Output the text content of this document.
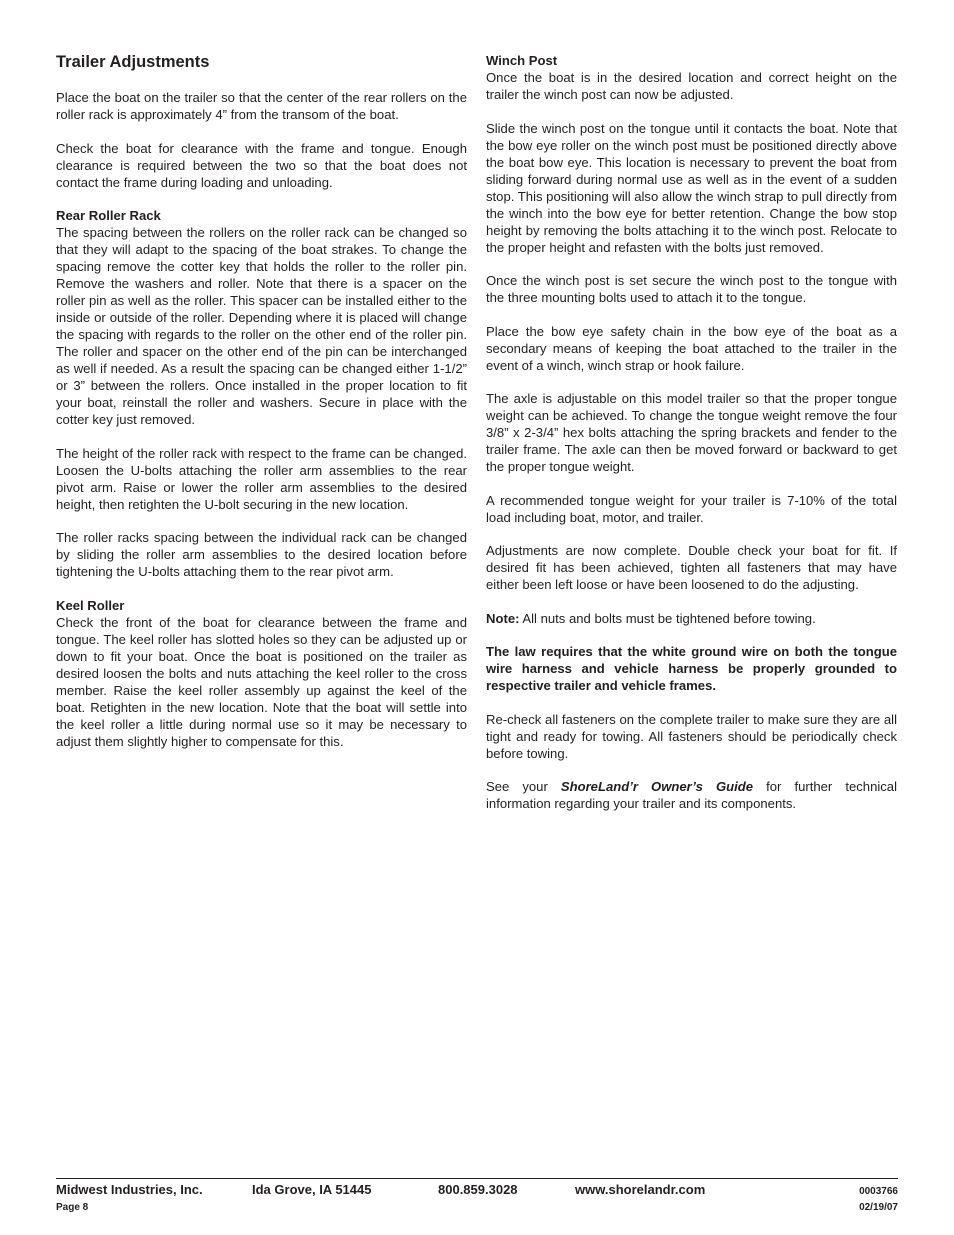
Trailer Adjustments

Place the boat on the trailer so that the center of the rear rollers on the roller rack is approximately 4” from the transom of the boat.

Check the boat for clearance with the frame and tongue. Enough clearance is required between the two so that the boat does not contact the frame during loading and unloading.

Rear Roller Rack

The spacing between the rollers on the roller rack can be changed so that they will adapt to the spacing of the boat strakes. To change the spacing remove the cotter key that holds the roller to the roller pin. Remove the washers and roller. Note that there is a spacer on the roller pin as well as the roller. This spacer can be installed either to the inside or outside of the roller. Depending where it is placed will change the spacing with regards to the roller on the other end of the roller pin. The roller and spacer on the other end of the pin can be interchanged as well if needed. As a result the spacing can be changed either 1-1/2” or 3” between the rollers. Once installed in the proper location to fit your boat, reinstall the roller and washers. Secure in place with the cotter key just removed.

The height of the roller rack with respect to the frame can be changed. Loosen the U-bolts attaching the roller arm assemblies to the rear pivot arm. Raise or lower the roller arm assemblies to the desired height, then retighten the U-bolt securing in the new location.

The roller racks spacing between the individual rack can be changed by sliding the roller arm assemblies to the desired location before tightening the U-bolts attaching them to the rear pivot arm.

Keel Roller

Check the front of the boat for clearance between the frame and tongue. The keel roller has slotted holes so they can be adjusted up or down to fit your boat. Once the boat is positioned on the trailer as desired loosen the bolts and nuts attaching the keel roller to the cross member. Raise the keel roller assembly up against the keel of the boat. Retighten in the new location. Note that the boat will settle into the keel roller a little during normal use so it may be necessary to adjust them slightly higher to compensate for this.

Winch Post

Once the boat is in the desired location and correct height on the trailer the winch post can now be adjusted.

Slide the winch post on the tongue until it contacts the boat. Note that the bow eye roller on the winch post must be positioned directly above the boat bow eye. This location is necessary to prevent the boat from sliding forward during normal use as well as in the event of a sudden stop. This positioning will also allow the winch strap to pull directly from the winch into the bow eye for better retention. Change the bow stop height by removing the bolts attaching it to the winch post. Relocate to the proper height and refasten with the bolts just removed.

Once the winch post is set secure the winch post to the tongue with the three mounting bolts used to attach it to the tongue.

Place the bow eye safety chain in the bow eye of the boat as a secondary means of keeping the boat attached to the trailer in the event of a winch, winch strap or hook failure.

The axle is adjustable on this model trailer so that the proper tongue weight can be achieved. To change the tongue weight remove the four 3/8” x 2-3/4” hex bolts attaching the spring brackets and fender to the trailer frame. The axle can then be moved forward or backward to get the proper tongue weight.

A recommended tongue weight for your trailer is 7-10% of the total load including boat, motor, and trailer.

Adjustments are now complete. Double check your boat for fit. If desired fit has been achieved, tighten all fasteners that may have either been left loose or have been loosened to do the adjusting.

Note: All nuts and bolts must be tightened before towing.

The law requires that the white ground wire on both the tongue wire harness and vehicle harness be properly grounded to respective trailer and vehicle frames.

Re-check all fasteners on the complete trailer to make sure they are all tight and ready for towing. All fasteners should be periodically check before towing.

See your ShoreLand’r Owner’s Guide for further technical information regarding your trailer and its components.

Midwest Industries, Inc.	Ida Grove, IA 51445	800.859.3028	www.shorelandr.com	0003766
Page 8	02/19/07
